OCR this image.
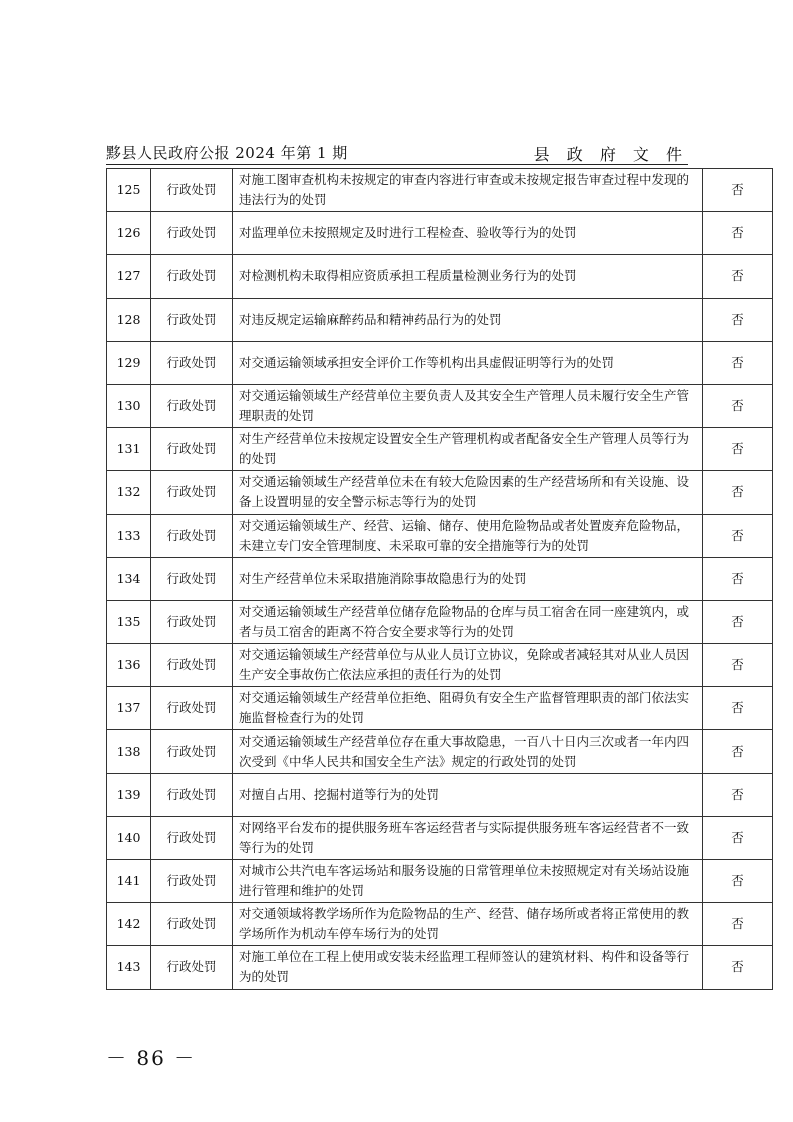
黟县人民政府公报 2024 年第 1 期	县 政 府 文 件
125	行政处罚	对施工图审查机构未按规定的审查内容进行审查或未按规定报告审查过程中发现的违法行为的处罚	否
126	行政处罚	对监理单位未按照规定及时进行工程检查、验收等行为的处罚	否
127	行政处罚	对检测机构未取得相应资质承担工程质量检测业务行为的处罚	否
128	行政处罚	对违反规定运输麻醉药品和精神药品行为的处罚	否
129	行政处罚	对交通运输领域承担安全评价工作等机构出具虚假证明等行为的处罚	否
130	行政处罚	对交通运输领域生产经营单位主要负责人及其安全生产管理人员未履行安全生产管理职责的处罚	否
131	行政处罚	对生产经营单位未按规定设置安全生产管理机构或者配备安全生产管理人员等行为的处罚	否
132	行政处罚	对交通运输领域生产经营单位未在有较大危险因素的生产经营场所和有关设施、设备上设置明显的安全警示标志等行为的处罚	否
133	行政处罚	对交通运输领域生产、经营、运输、储存、使用危险物品或者处置废弃危险物品，未建立专门安全管理制度、未采取可靠的安全措施等行为的处罚	否
134	行政处罚	对生产经营单位未采取措施消除事故隐患行为的处罚	否
135	行政处罚	对交通运输领域生产经营单位储存危险物品的仓库与员工宿舍在同一座建筑内，或者与员工宿舍的距离不符合安全要求等行为的处罚	否
136	行政处罚	对交通运输领域生产经营单位与从业人员订立协议，免除或者减轻其对从业人员因生产安全事故伤亡依法应承担的责任行为的处罚	否
137	行政处罚	对交通运输领域生产经营单位拒绝、阻碍负有安全生产监督管理职责的部门依法实施监督检查行为的处罚	否
138	行政处罚	对交通运输领域生产经营单位存在重大事故隐患，一百八十日内三次或者一年内四次受到《中华人民共和国安全生产法》规定的行政处罚的处罚	否
139	行政处罚	对擅自占用、挖掘村道等行为的处罚	否
140	行政处罚	对网络平台发布的提供服务班车客运经营者与实际提供服务班车客运经营者不一致等行为的处罚	否
141	行政处罚	对城市公共汽电车客运场站和服务设施的日常管理单位未按照规定对有关场站设施进行管理和维护的处罚	否
142	行政处罚	对交通领域将教学场所作为危险物品的生产、经营、储存场所或者将正常使用的教学场所作为机动车停车场行为的处罚	否
143	行政处罚	对施工单位在工程上使用或安装未经监理工程师签认的建筑材料、构件和设备等行为的处罚	否
－ 86 －
